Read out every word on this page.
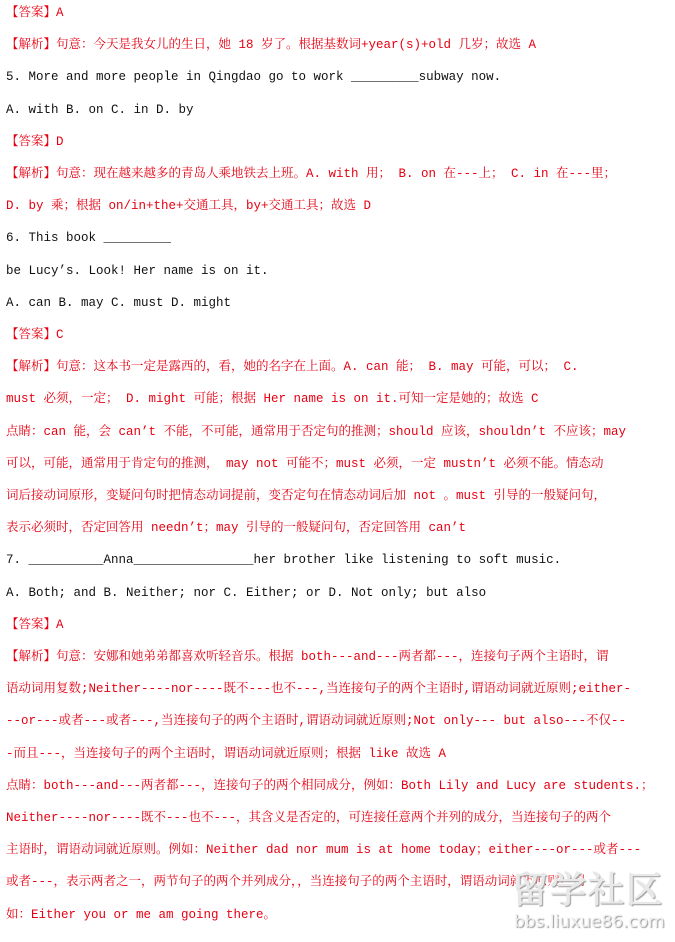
【答案】A
【解析】句意：今天是我女儿的生日，她 18 岁了。根据基数词+year(s)+old 几岁；故选 A
5. More and more people in Qingdao go to work _________subway now.
A. with B. on C. in D. by
【答案】D
【解析】句意：现在越来越多的青岛人乘地铁去上班。A. with 用； B. on 在---上； C. in 在---里；
D. by 乘；根据 on/in+the+交通工具，by+交通工具；故选 D
6. This book _________
be Lucy’s. Look! Her name is on it.
A. can B. may C. must D. might
【答案】C
【解析】句意：这本书一定是露西的，看，她的名字在上面。A. can 能； B. may 可能，可以； C.
must 必须，一定； D. might 可能；根据 Her name is on it.可知一定是她的；故选 C
点睛：can 能，会 can’t 不能，不可能，通常用于否定句的推测；should 应该，shouldn’t 不应该；may
可以，可能，通常用于肯定句的推测， may not 可能不；must 必须，一定 mustn’t 必须不能。情态动
词后接动词原形，变疑问句时把情态动词提前，变否定句在情态动词后加 not 。must 引导的一般疑问句，
表示必须时，否定回答用 needn’t；may 引导的一般疑问句，否定回答用 can’t
7. __________Anna________________her brother like listening to soft music.
A. Both; and B. Neither; nor C. Either; or D. Not only; but also
【答案】A
【解析】句意：安娜和她弟弟都喜欢听轻音乐。根据 both---and---两者都---，连接句子两个主语时，谓
语动词用复数;Neither----nor----既不---也不---,当连接句子的两个主语时,谓语动词就近原则;either-
--or---或者---或者---,当连接句子的两个主语时,谓语动词就近原则;Not only--- but also---不仅--
-而且---，当连接句子的两个主语时，谓语动词就近原则；根据 like 故选 A
点睛：both---and---两者都---，连接句子的两个相同成分，例如：Both Lily and Lucy are students.；
Neither----nor----既不---也不---，其含义是否定的，可连接任意两个并列的成分，当连接句子的两个
主语时，谓语动词就近原则。例如：Neither dad nor mum is at home today；either---or---或者---
或者---，表示两者之一，两节句子的两个并列成分，，当连接句子的两个主语时，谓语动词就近原则。例
如：Either you or me am going there。
留学社区
bbs.liuxue86.com
